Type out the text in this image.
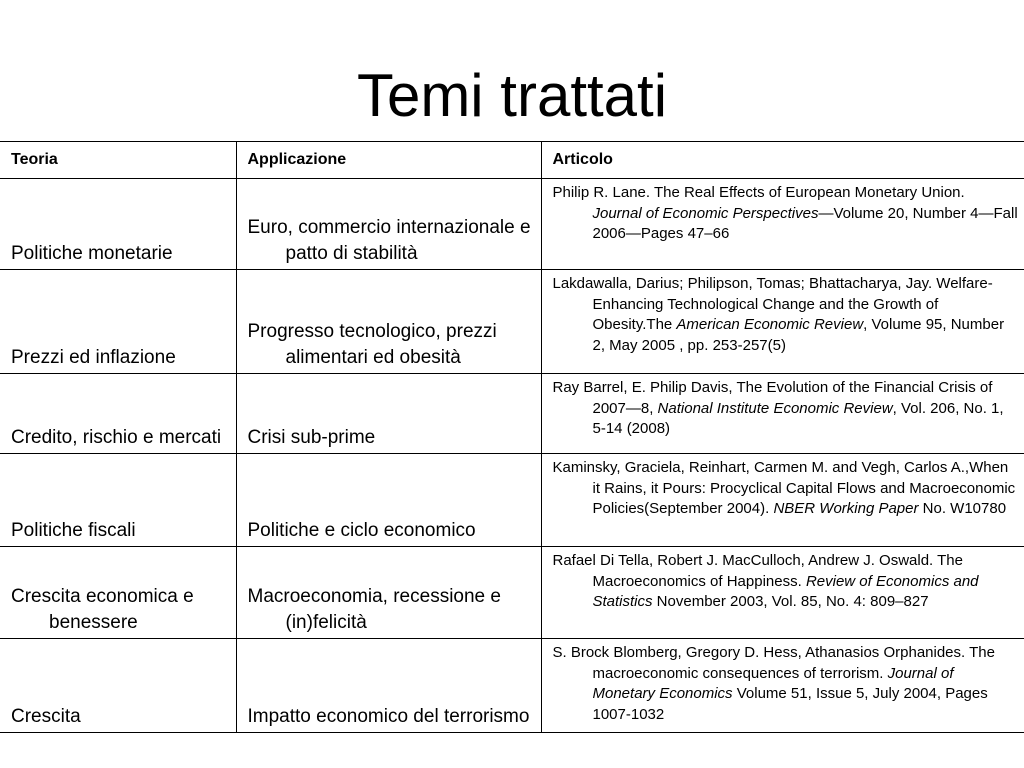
Temi trattati
Teoria	Applicazione	Articolo

Politiche monetarie	Euro, commercio internazionale e patto di stabilità	Philip R. Lane. The Real Effects of European Monetary Union. Journal of Economic Perspectives—Volume 20, Number 4—Fall 2006—Pages 47–66

Prezzi ed inflazione	Progresso tecnologico, prezzi alimentari ed obesità	Lakdawalla, Darius; Philipson, Tomas; Bhattacharya, Jay. Welfare-Enhancing Technological Change and the Growth of Obesity.The American Economic Review, Volume 95, Number 2, May 2005 , pp. 253-257(5)

Credito, rischio e mercati	Crisi sub-prime	Ray Barrel, E. Philip Davis, The Evolution of the Financial Crisis of 2007—8, National Institute Economic Review, Vol. 206, No. 1, 5-14 (2008)

Politiche fiscali	Politiche e ciclo economico	Kaminsky, Graciela, Reinhart, Carmen M. and Vegh, Carlos A.,When it Rains, it Pours: Procyclical Capital Flows and Macroeconomic Policies(September 2004). NBER Working Paper No. W10780

Crescita economica e benessere	Macroeconomia, recessione e (in)felicità	Rafael Di Tella, Robert J. MacCulloch, Andrew J. Oswald. The Macroeconomics of Happiness. Review of Economics and Statistics November 2003, Vol. 85, No. 4: 809–827

Crescita	Impatto economico del terrorismo	S. Brock Blomberg, Gregory D. Hess, Athanasios Orphanides. The macroeconomic consequences of terrorism. Journal of Monetary Economics Volume 51, Issue 5, July 2004, Pages 1007-1032
